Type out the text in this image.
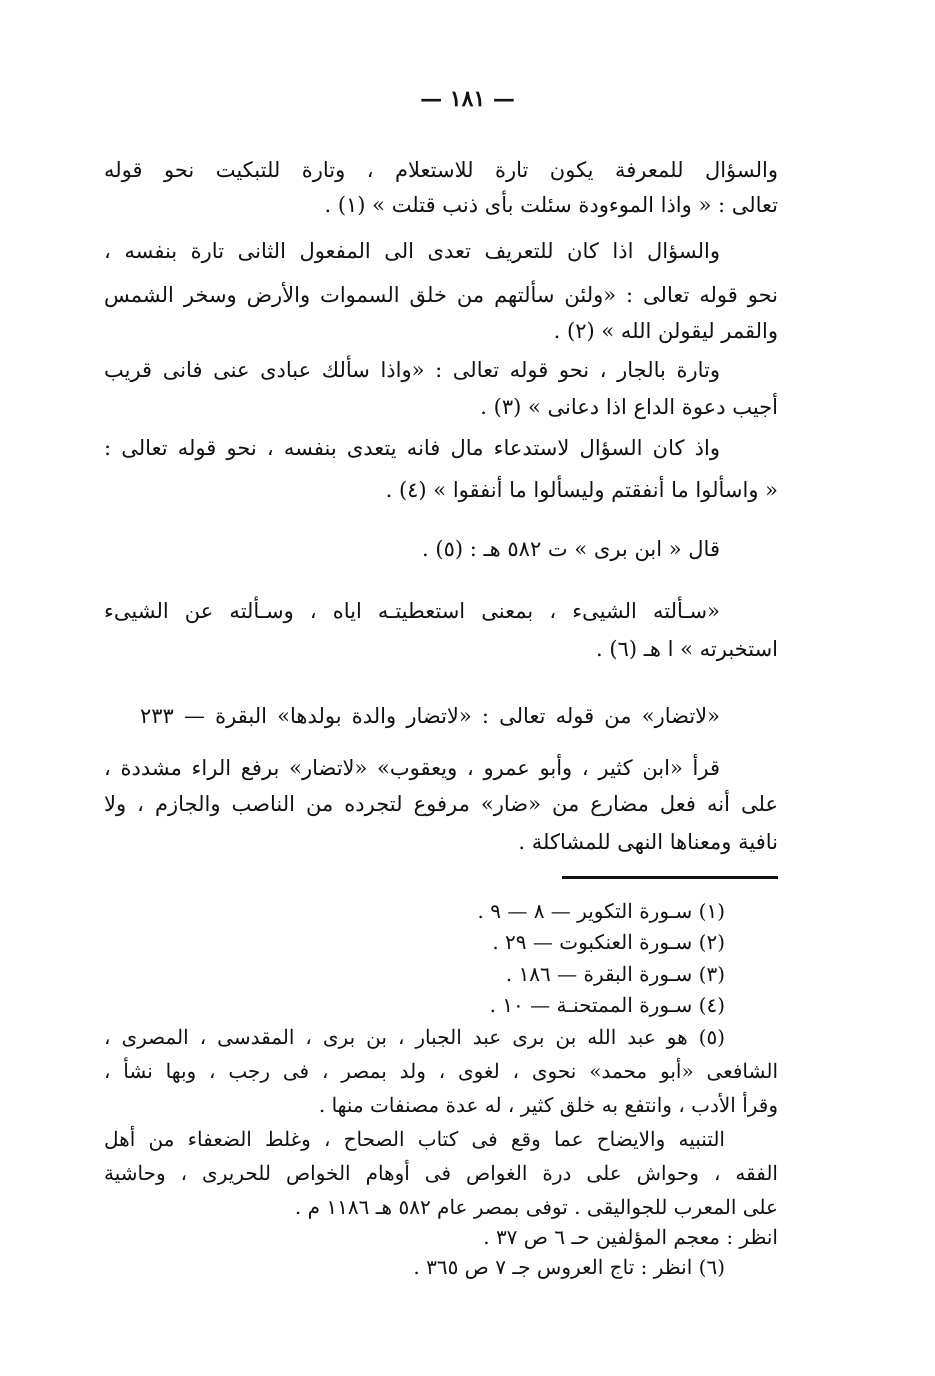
— ١٨١ —
والسؤال للمعرفة يكون تارة للاستعلام ، وتارة للتبكيت نحو قوله
تعالى : « واذا الموءودة سئلت بأى ذنب قتلت » (١) .
والسؤال اذا كان للتعريف تعدى الى المفعول الثانى تارة بنفسه ،
نحو قوله تعالى : «ولئن سألتهم من خلق السموات والأرض وسخر الشمس
والقمر ليقولن الله » (٢) .
وتارة بالجار ، نحو قوله تعالى : «واذا سألك عبادى عنى فانى قريب
أجيب دعوة الداع اذا دعانى » (٣) .
واذ كان السؤال لاستدعاء مال فانه يتعدى بنفسه ، نحو قوله تعالى :
« واسألوا ما أنفقتم وليسألوا ما أنفقوا » (٤) .
قال « ابن برى » ت ٥٨٢ هـ : (٥) .
«سـألته الشيىء ، بمعنى استعطيتـه اياه ، وسـألته عن الشيىء
استخبرته » ا هـ (٦) .
«لاتضار» من قوله تعالى : «لاتضار والدة بولدها» البقرة — ٢٣٣
قرأ «ابن كثير ، وأبو عمرو ، ويعقوب» «لاتضار» برفع الراء مشددة ،
على أنه فعل مضارع من «ضار» مرفوع لتجرده من الناصب والجازم ، ولا
نافية ومعناها النهى للمشاكلة .
(١) سـورة التكوير — ٨ — ٩ .
(٢) سـورة العنكبوت — ٢٩ .
(٣) سـورة البقرة — ١٨٦ .
(٤) سـورة الممتحنـة — ١٠ .
(٥) هو عبد الله بن برى عبد الجبار ، بن برى ، المقدسى ، المصرى ،
الشافعى «أبو محمد» نحوى ، لغوى ، ولد بمصر ، فى رجب ، وبها نشأ ،
وقرأ الأدب ، وانتفع به خلق كثير ، له عدة مصنفات منها .
التنبيه والايضاح عما وقع فى كتاب الصحاح ، وغلط الضعفاء من أهل
الفقه ، وحواش على درة الغواص فى أوهام الخواص للحريرى ، وحاشية
على المعرب للجواليقى . توفى بمصر عام ٥٨٢ هـ ١١٨٦ م .
انظر : معجم المؤلفين حـ ٦ ص ٣٧ .
(٦) انظر : تاج العروس جـ ٧ ص ٣٦٥ .
